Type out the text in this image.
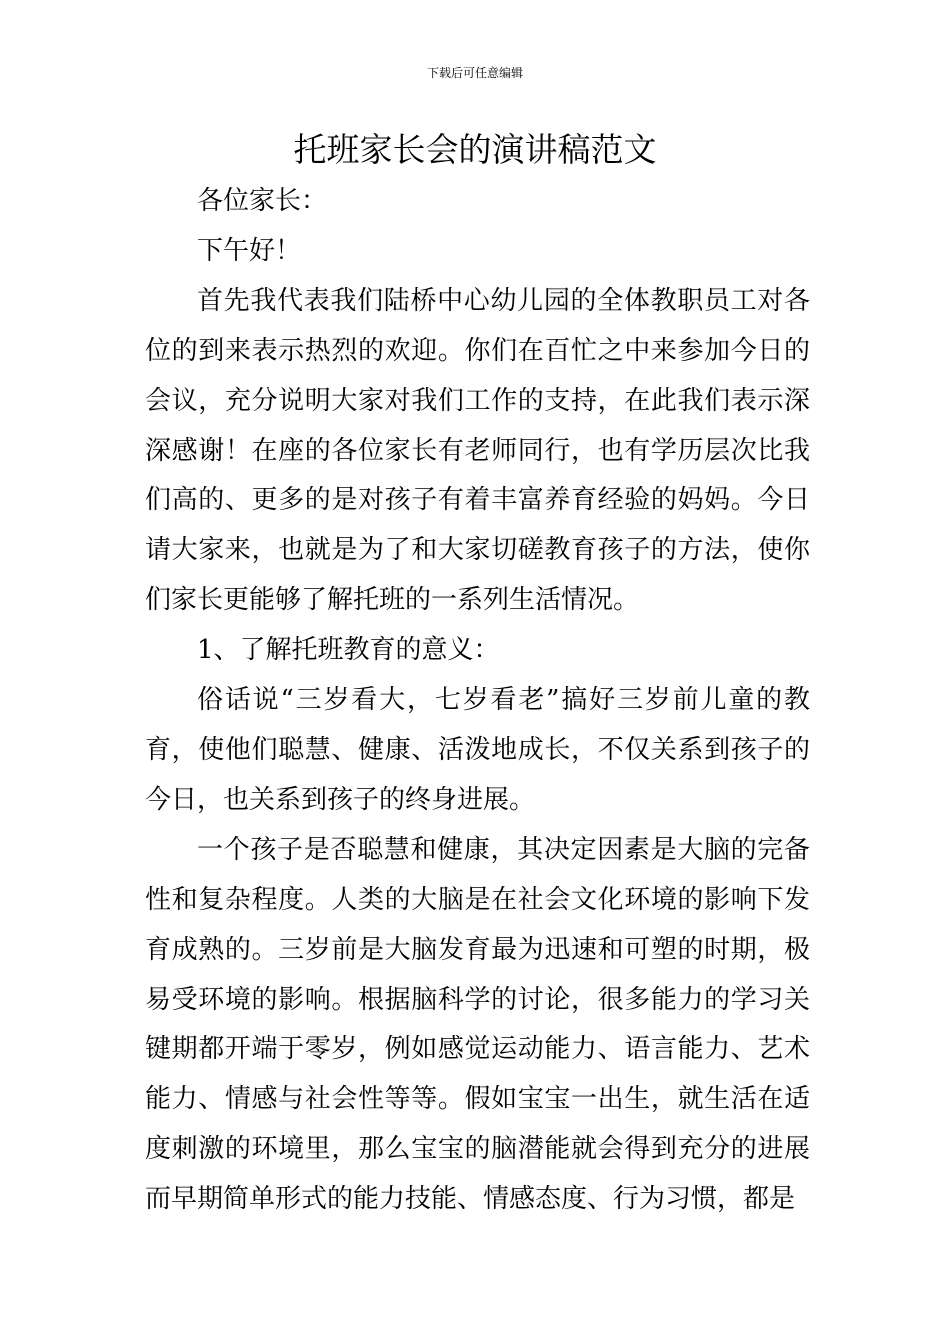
下载后可任意编辑
托班家长会的演讲稿范文

各位家长：

下午好！

首先我代表我们陆桥中心幼儿园的全体教职员工对各位的到来表示热烈的欢迎。你们在百忙之中来参加今日的会议，充分说明大家对我们工作的支持，在此我们表示深深感谢！在座的各位家长有老师同行，也有学历层次比我们高的、更多的是对孩子有着丰富养育经验的妈妈。今日请大家来，也就是为了和大家切磋教育孩子的方法，使你们家长更能够了解托班的一系列生活情况。

1、了解托班教育的意义：

俗话说“三岁看大，七岁看老”搞好三岁前儿童的教育，使他们聪慧、健康、活泼地成长，不仅关系到孩子的今日，也关系到孩子的终身进展。

一个孩子是否聪慧和健康，其决定因素是大脑的完备性和复杂程度。人类的大脑是在社会文化环境的影响下发育成熟的。三岁前是大脑发育最为迅速和可塑的时期，极易受环境的影响。根据脑科学的讨论，很多能力的学习关键期都开端于零岁，例如感觉运动能力、语言能力、艺术能力、情感与社会性等等。假如宝宝一出生，就生活在适度刺激的环境里，那么宝宝的脑潜能就会得到充分的进展而早期简单形式的能力技能、情感态度、行为习惯，都是
